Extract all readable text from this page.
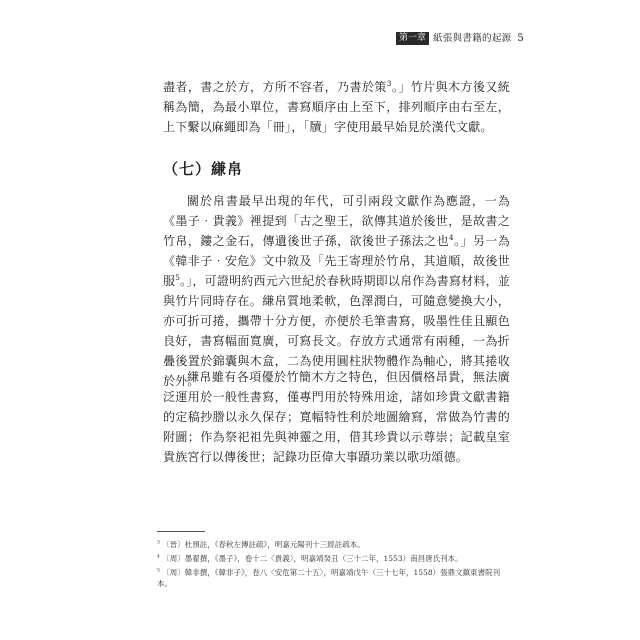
第一章 紙張與書籍的起源 5

盡者，書之於方，方所不容者，乃書於策$^3$。」竹片與木方後又統稱為簡，為最小單位，書寫順序由上至下，排列順序由右至左，上下繫以麻繩即為「冊」，「牘」字使用最早始見於漢代文獻。

（七）縑帛

關於帛書最早出現的年代，可引兩段文獻作為應證，一為《墨子‧貴義》裡提到「古之聖王，欲傳其道於後世，是故書之竹帛，鏤之金石，傳遺後世子孫，欲後世子孫法之也$^4$。」另一為《韓非子‧安危》文中敘及「先王寄理於竹帛，其道順，故後世服$^5$。」，可證明約西元六世紀於春秋時期即以帛作為書寫材料，並與竹片同時存在。縑帛質地柔軟，色澤潤白，可隨意變換大小，亦可折可捲，攜帶十分方便，亦便於毛筆書寫，吸墨性佳且顯色良好，書寫幅面寬廣，可寫長文。存放方式通常有兩種，一為折疊後置於錦囊與木盒，二為使用圓柱狀物體作為軸心，將其捲收於外。

縑帛雖有各項優於竹簡木方之特色，但因價格昂貴，無法廣泛運用於一般性書寫，僅專門用於特殊用途，諸如珍貴文獻書籍的定稿抄謄以永久保存；寬幅特性利於地圖繪寫，常做為竹書的附圖；作為祭祀祖先與神靈之用，借其珍貴以示尊崇；記載皇室貴族宮行以傳後世；記錄功臣偉大事蹟功業以歌功頌德。

$^3$ 〔晉〕杜預註，《春秋左傳註疏》，明嘉元陽刊十三經註疏本。

$^4$ 〔周〕墨翟撰，《墨子》，卷十二〈貴義〉，明嘉靖癸丑（三十二年，1553）南昌唐氏刊本。

$^5$ 〔周〕韓非撰，《韓非子》，卷八〈安危第二十五〉，明嘉靖戊午（三十七年，1558）張鼎文鎮東書院刊本。
